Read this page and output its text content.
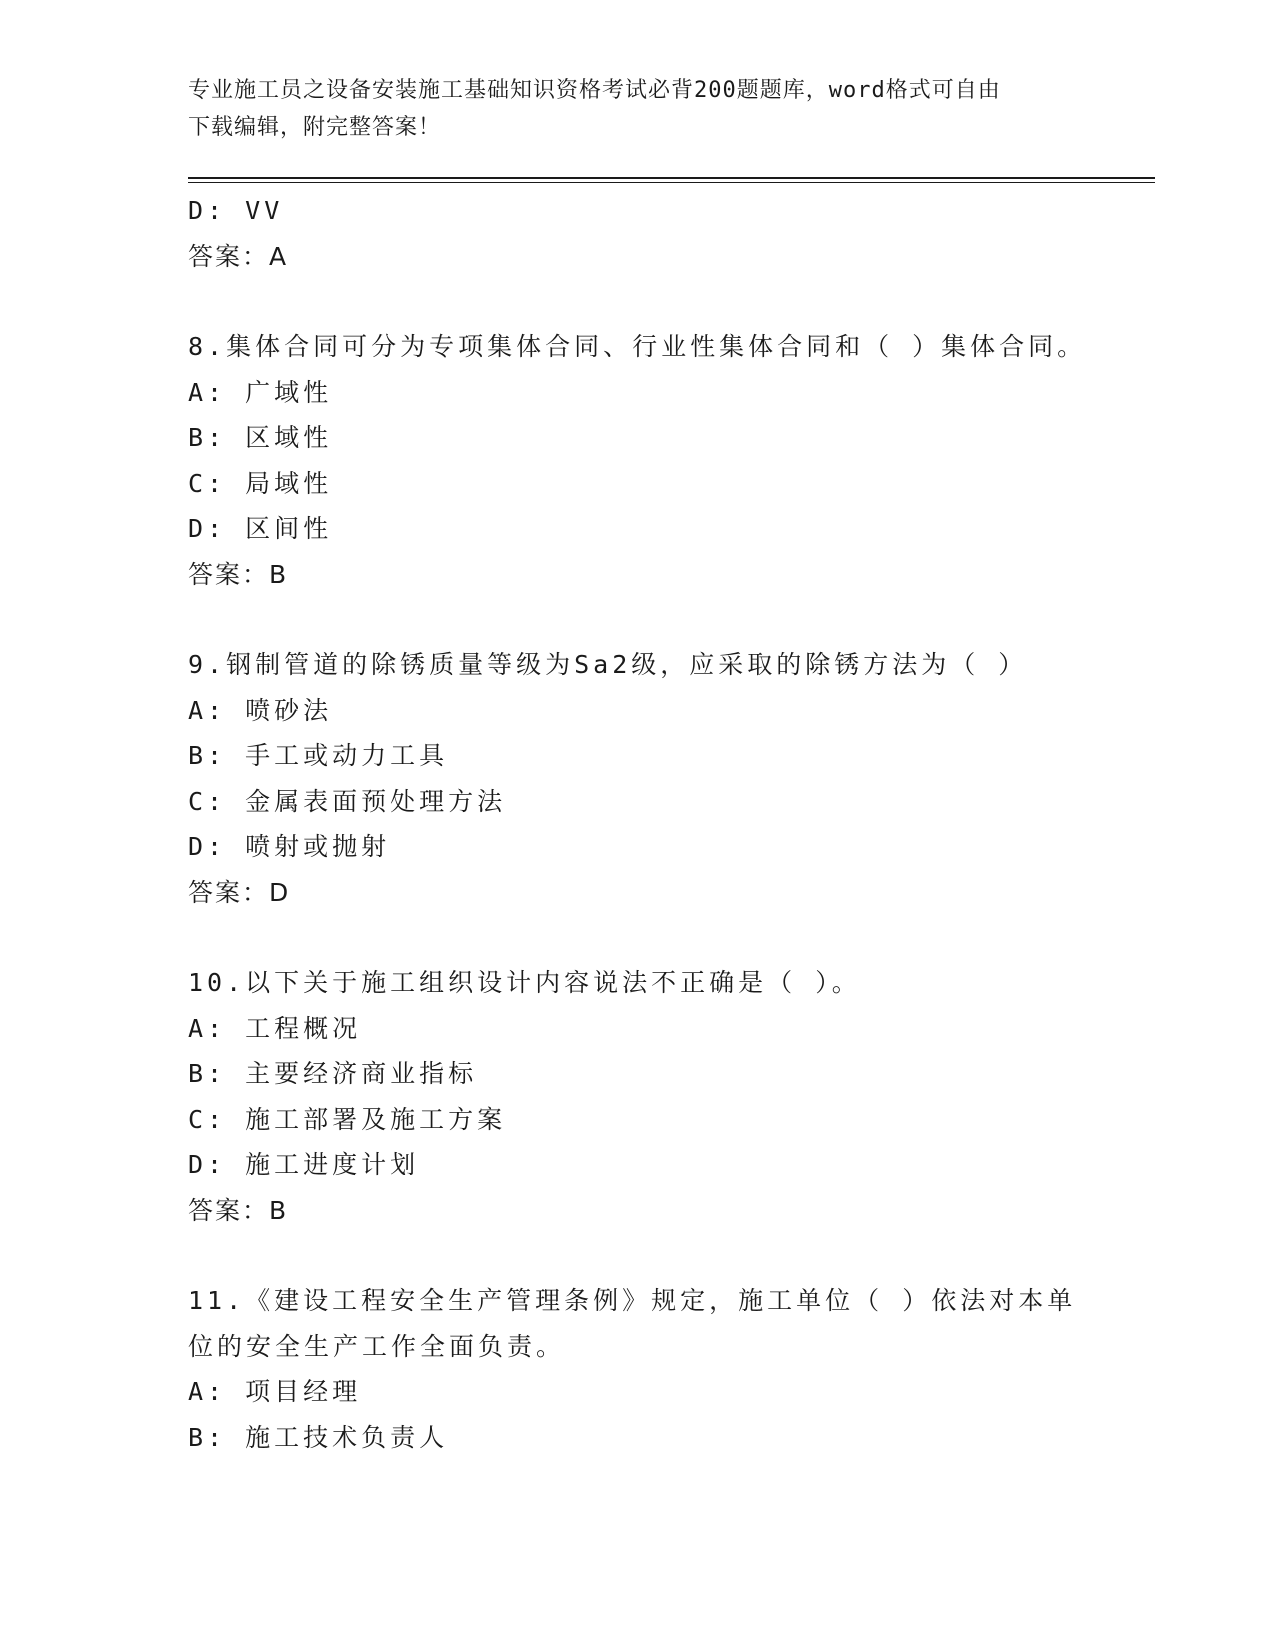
专业施工员之设备安装施工基础知识资格考试必背200题题库，word格式可自由
下载编辑，附完整答案！
D: VV
答案：A
8.集体合同可分为专项集体合同、行业性集体合同和（ ）集体合同。
A: 广域性
B: 区域性
C: 局域性
D: 区间性
答案：B
9.钢制管道的除锈质量等级为Sa2级，应采取的除锈方法为（ ）
A: 喷砂法
B: 手工或动力工具
C: 金属表面预处理方法
D: 喷射或抛射
答案：D
10.以下关于施工组织设计内容说法不正确是（ ）。
A: 工程概况
B: 主要经济商业指标
C: 施工部署及施工方案
D: 施工进度计划
答案：B
11.《建设工程安全生产管理条例》规定，施工单位（ ）依法对本单
位的安全生产工作全面负责。
A: 项目经理
B: 施工技术负责人
